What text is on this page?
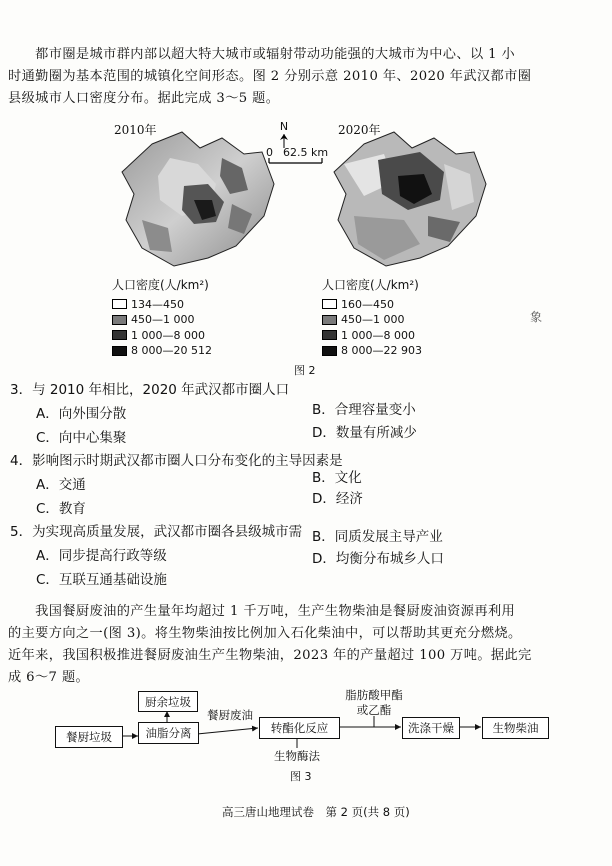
　　都市圈是城市群内部以超大特大城市或辐射带动功能强的大城市为中心、以 1 小
时通勤圈为基本范围的城镇化空间形态。图 2 分别示意 2010 年、2020 年武汉都市圈
县级城市人口密度分布。据此完成 3～5 题。
2010年	2020年
N
0 62.5 km
人口密度(人/km²)
134—450
450—1 000
1 000—8 000
8 000—20 512
人口密度(人/km²)
160—450
450—1 000
1 000—8 000
8 000—22 903
象
图 2
3．与 2010 年相比，2020 年武汉都市圈人口
A．向外围分散	B．合理容量变小
C．向中心集聚	D．数量有所减少
4．影响图示时期武汉都市圈人口分布变化的主导因素是
A．交通	B．文化
C．教育
D．经济
5．为实现高质量发展，武汉都市圈各县级城市需
A．同步提高行政等级
B．同质发展主导产业
C．互联互通基础设施
D．均衡分布城乡人口
　　我国餐厨废油的产生量年均超过 1 千万吨，生产生物柴油是餐厨废油资源再利用
的主要方向之一(图 3)。将生物柴油按比例加入石化柴油中，可以帮助其更充分燃烧。
近年来，我国积极推进餐厨废油生产生物柴油，2023 年的产量超过 100 万吨。据此完
成 6～7 题。
餐厨垃圾	油脂分离
厨余垃圾
餐厨废油
转酯化反应
脂肪酸甲酯
或乙酯
洗涤干燥	生物柴油
生物酶法
图 3
高三唐山地理试卷　第 2 页(共 8 页)
